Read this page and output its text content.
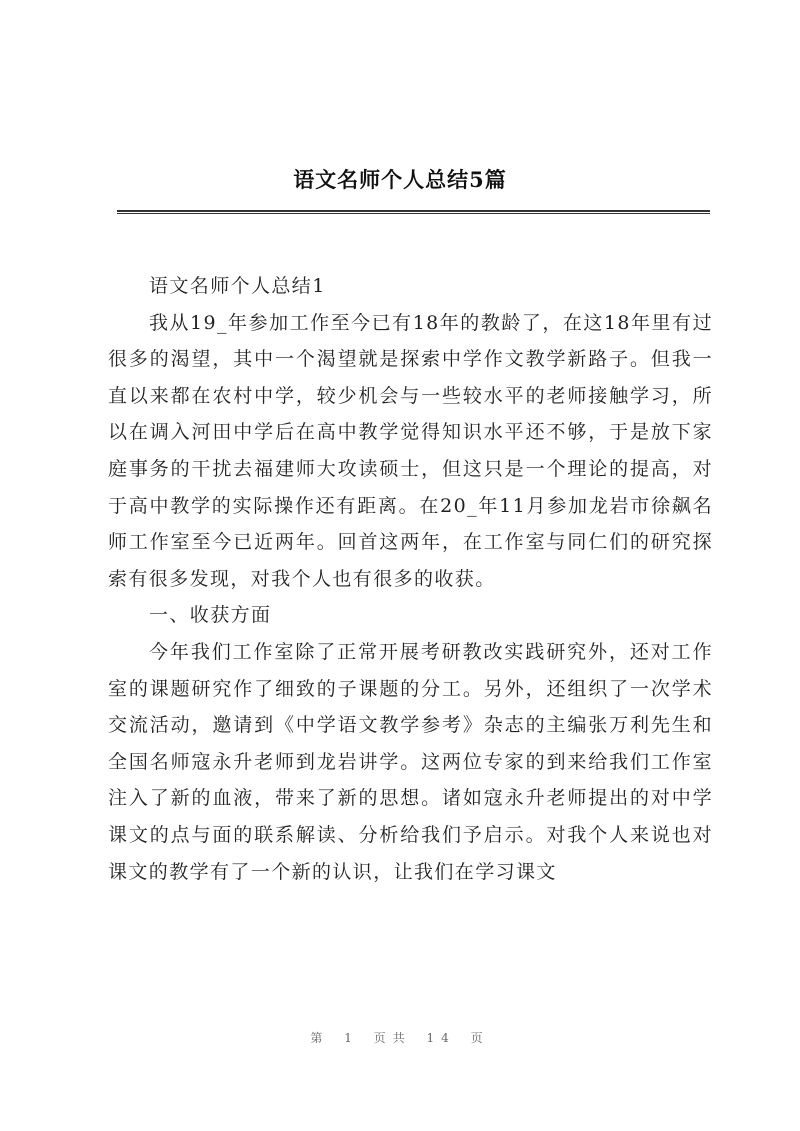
语文名师个人总结5篇

语文名师个人总结1

我从19_年参加工作至今已有18年的教龄了，在这18年里有过很多的渴望，其中一个渴望就是探索中学作文教学新路子。但我一直以来都在农村中学，较少机会与一些较水平的老师接触学习，所以在调入河田中学后在高中教学觉得知识水平还不够，于是放下家庭事务的干扰去福建师大攻读硕士，但这只是一个理论的提高，对于高中教学的实际操作还有距离。在20_年11月参加龙岩市徐飙名师工作室至今已近两年。回首这两年，在工作室与同仁们的研究探索有很多发现，对我个人也有很多的收获。

一、收获方面

今年我们工作室除了正常开展考研教改实践研究外，还对工作室的课题研究作了细致的子课题的分工。另外，还组织了一次学术交流活动，邀请到《中学语文教学参考》杂志的主编张万利先生和全国名师寇永升老师到龙岩讲学。这两位专家的到来给我们工作室注入了新的血液，带来了新的思想。诸如寇永升老师提出的对中学课文的点与面的联系解读、分析给我们予启示。对我个人来说也对课文的教学有了一个新的认识，让我们在学习课文

第 1 页共 14 页
